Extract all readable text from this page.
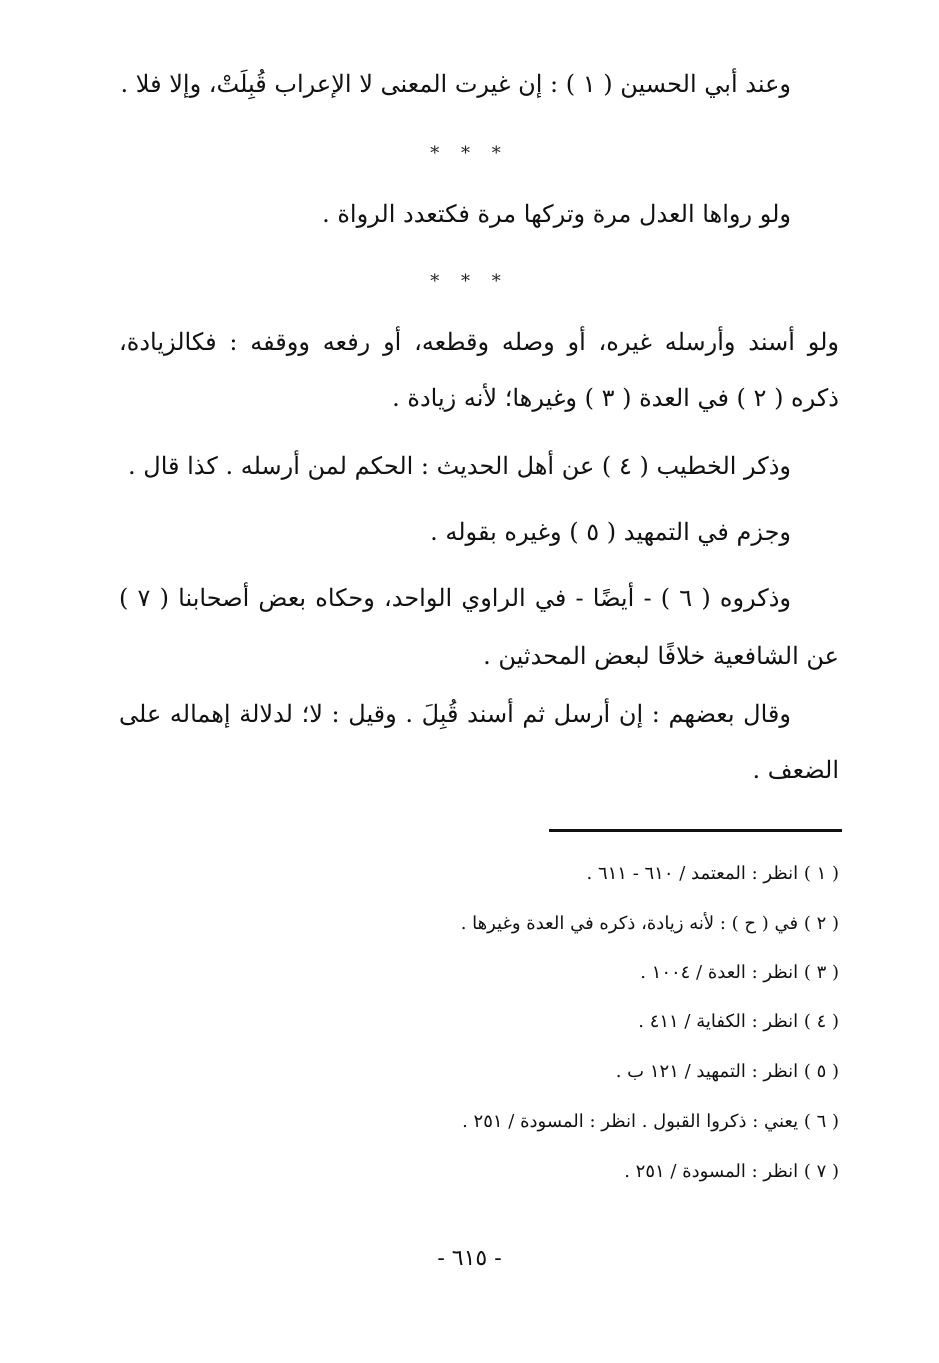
وعند أبي الحسين ( ١ ) : إن غيرت المعنى لا الإعراب قُبِلَتْ، وإلا فلا .
* * *
ولو رواها العدل مرة وتركها مرة فكتعدد الرواة .
* * *
ولو أسند وأرسله غيره، أو وصله وقطعه، أو رفعه ووقفه : فكالزيادة،
ذكره ( ٢ ) في العدة ( ٣ ) وغيرها؛ لأنه زيادة .
وذكر الخطيب ( ٤ ) عن أهل الحديث : الحكم لمن أرسله . كذا قال .
وجزم في التمهيد ( ٥ ) وغيره بقوله .
وذكروه ( ٦ ) - أيضًا - في الراوي الواحد، وحكاه بعض أصحابنا ( ٧ )
عن الشافعية خلافًا لبعض المحدثين .
وقال بعضهم : إن أرسل ثم أسند قُبِلَ . وقيل : لا؛ لدلالة إهماله على
الضعف .
( ١ ) انظر : المعتمد / ٦١٠ - ٦١١ .
( ٢ ) في ( ح ) : لأنه زيادة، ذكره في العدة وغيرها .
( ٣ ) انظر : العدة / ١٠٠٤ .
( ٤ ) انظر : الكفاية / ٤١١ .
( ٥ ) انظر : التمهيد / ١٢١ ب .
( ٦ ) يعني : ذكروا القبول . انظر : المسودة / ٢٥١ .
( ٧ ) انظر : المسودة / ٢٥١ .
- ٦١٥ -
